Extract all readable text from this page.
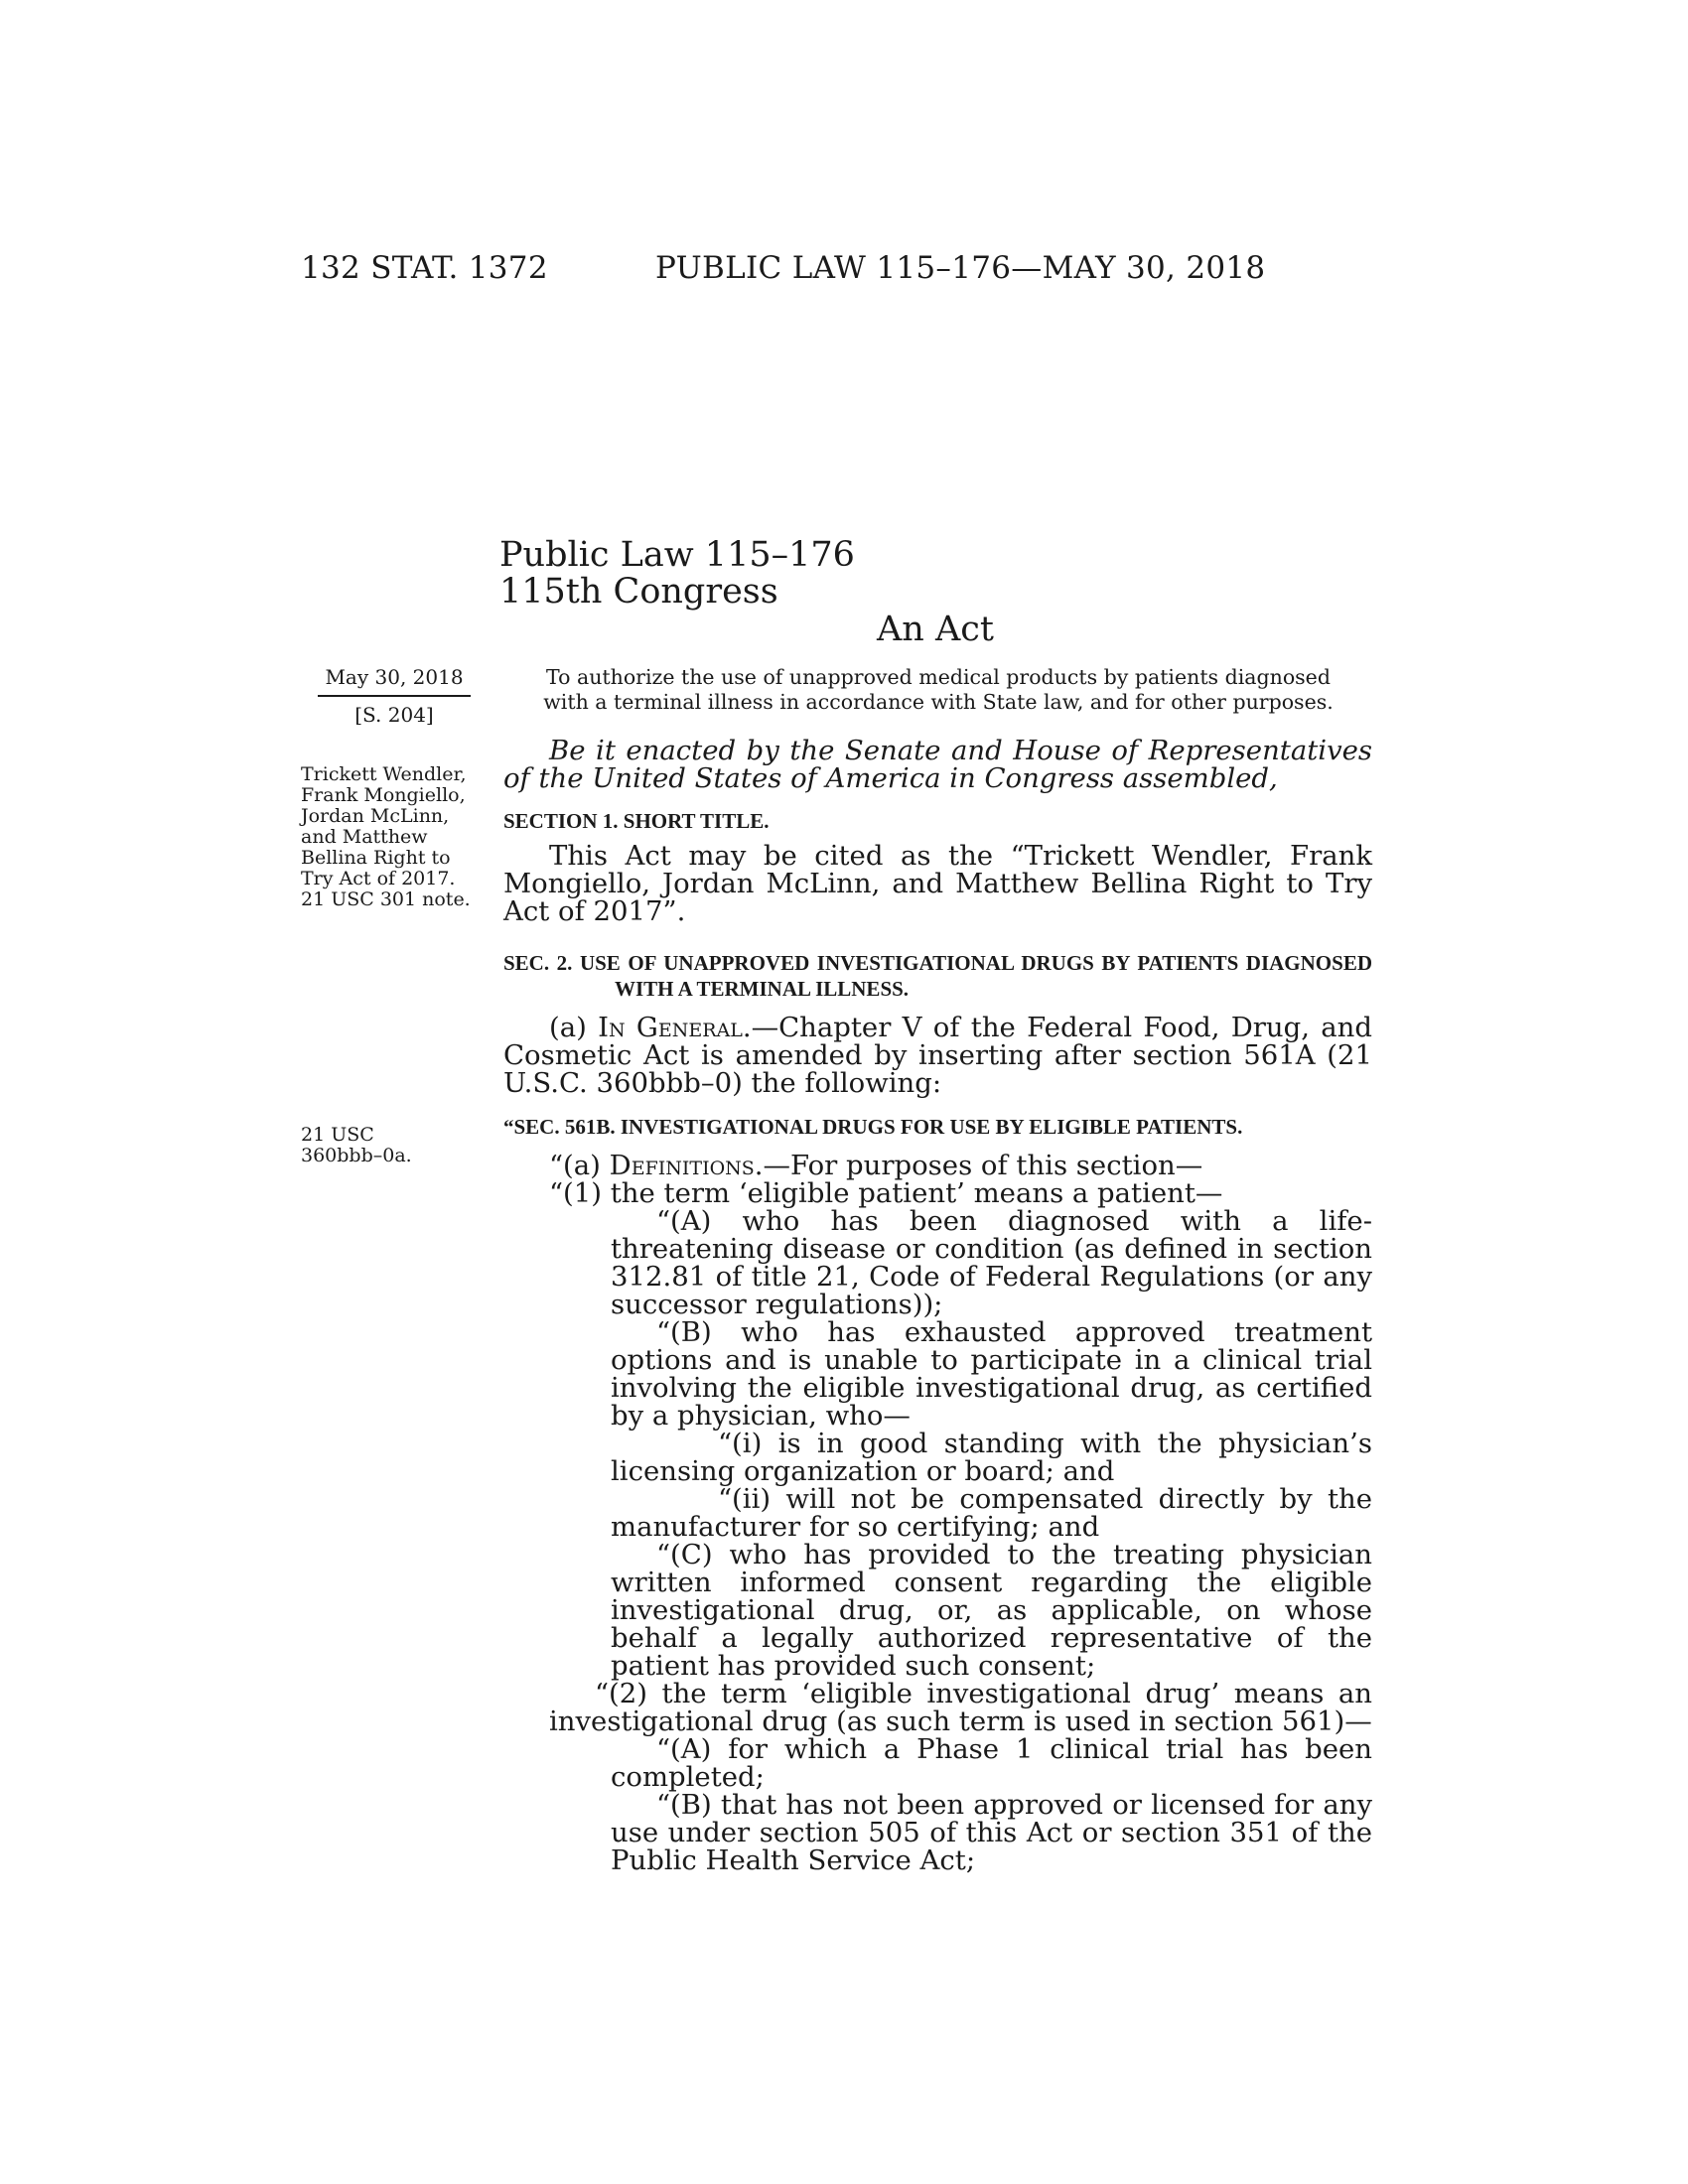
132 STAT. 1372	PUBLIC LAW 115–176—MAY 30, 2018
Public Law 115–176
115th Congress
An Act
May 30, 2018
[S. 204]
Trickett Wendler, Frank Mongiello, Jordan McLinn, and Matthew Bellina Right to Try Act of 2017.
21 USC 301 note.
21 USC 360bbb–0a.
To authorize the use of unapproved medical products by patients diagnosed with a terminal illness in accordance with State law, and for other purposes.

Be it enacted by the Senate and House of Representatives of the United States of America in Congress assembled,

SECTION 1. SHORT TITLE.

This Act may be cited as the “Trickett Wendler, Frank Mongiello, Jordan McLinn, and Matthew Bellina Right to Try Act of 2017”.

SEC. 2. USE OF UNAPPROVED INVESTIGATIONAL DRUGS BY PATIENTS DIAGNOSED WITH A TERMINAL ILLNESS.

(a) In General.—Chapter V of the Federal Food, Drug, and Cosmetic Act is amended by inserting after section 561A (21 U.S.C. 360bbb–0) the following:

“SEC. 561B. INVESTIGATIONAL DRUGS FOR USE BY ELIGIBLE PATIENTS.

“(a) Definitions.—For purposes of this section—

“(1) the term ‘eligible patient’ means a patient—

“(A) who has been diagnosed with a life-threatening disease or condition (as defined in section 312.81 of title 21, Code of Federal Regulations (or any successor regulations));

“(B) who has exhausted approved treatment options and is unable to participate in a clinical trial involving the eligible investigational drug, as certified by a physician, who—

“(i) is in good standing with the physician’s licensing organization or board; and

“(ii) will not be compensated directly by the manufacturer for so certifying; and

“(C) who has provided to the treating physician written informed consent regarding the eligible investigational drug, or, as applicable, on whose behalf a legally authorized representative of the patient has provided such consent;

“(2) the term ‘eligible investigational drug’ means an investigational drug (as such term is used in section 561)—

“(A) for which a Phase 1 clinical trial has been completed;

“(B) that has not been approved or licensed for any use under section 505 of this Act or section 351 of the Public Health Service Act;
